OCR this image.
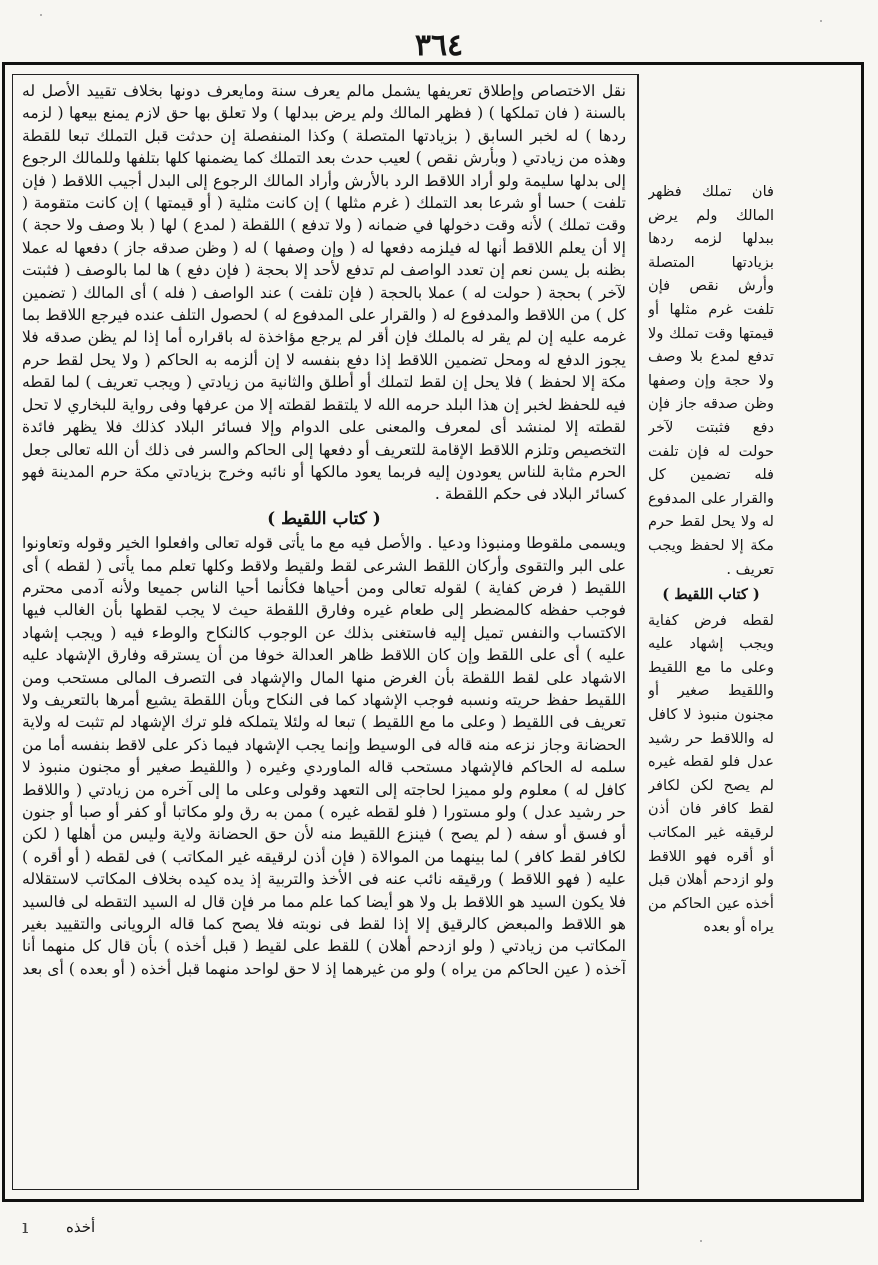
٣٦٤

نقل الاختصاص وإطلاق تعريفها يشمل مالم يعرف سنة ومايعرف دونها بخلاف تقييد الأصل له بالسنة ( فان تملكها ) ( فظهر المالك ولم يرض ببدلها ) ولا تعلق بها حق لازم يمنع بيعها ( لزمه ردها ) له لخبر السابق ( بزيادتها المتصلة ) وكذا المنفصلة إن حدثت قبل التملك تبعا للقطة وهذه من زيادتي ( وبأرش نقص ) لعيب حدث بعد التملك كما يضمنها كلها بتلفها وللمالك الرجوع إلى بدلها سليمة ولو أراد اللاقط الرد بالأرش وأراد المالك الرجوع إلى البدل أجيب اللاقط ( فإن تلفت ) حسا أو شرعا بعد التملك ( غرم مثلها ) إن كانت مثلية ( أو قيمتها ) إن كانت متقومة ( وقت تملك ) لأنه وقت دخولها في ضمانه ( ولا تدفع ) اللقطة ( لمدع ) لها ( بلا وصف ولا حجة ) إلا أن يعلم اللاقط أنها له فيلزمه دفعها له ( وإن وصفها ) له ( وظن صدقه جاز ) دفعها له عملا بظنه بل يسن نعم إن تعدد الواصف لم تدفع لأحد إلا بحجة ( فإن دفع ) ها لما بالوصف ( فثبتت لآخر ) بحجة ( حولت له ) عملا بالحجة ( فإن تلفت ) عند الواصف ( فله ) أى المالك ( تضمين كل ) من اللاقط والمدفوع له ( والقرار على المدفوع له ) لحصول التلف عنده فيرجع اللاقط بما غرمه عليه إن لم يقر له بالملك فإن أقر لم يرجع مؤاخذة له باقراره أما إذا لم يظن صدقه فلا يجوز الدفع له ومحل تضمين اللاقط إذا دفع بنفسه لا إن ألزمه به الحاكم ( ولا يحل لقط حرم مكة إلا لحفظ ) فلا يحل إن لقط لتملك أو أطلق والثانية من زيادتي ( ويجب تعريف ) لما لقطه فيه للحفظ لخبر إن هذا البلد حرمه الله لا يلتقط لقطته إلا من عرفها وفى رواية للبخاري لا تحل لقطته إلا لمنشد أى لمعرف والمعنى على الدوام وإلا فسائر البلاد كذلك فلا يظهر فائدة التخصيص وتلزم اللاقط الإقامة للتعريف أو دفعها إلى الحاكم والسر فى ذلك أن الله تعالى جعل الحرم مثابة للناس يعودون إليه فربما يعود مالكها أو نائبه وخرج بزيادتي مكة حرم المدينة فهو كسائر البلاد فى حكم اللقطة .

( كتاب اللقيط )

ويسمى ملقوطا ومنبوذا ودعيا . والأصل فيه مع ما يأتى قوله تعالى وافعلوا الخير وقوله وتعاونوا على البر والتقوى وأركان اللقط الشرعى لقط ولقيط ولاقط وكلها تعلم مما يأتى ( لقطه ) أى اللقيط ( فرض كفاية ) لقوله تعالى ومن أحياها فكأنما أحيا الناس جميعا ولأنه آدمى محترم فوجب حفظه كالمضطر إلى طعام غيره وفارق اللقطة حيث لا يجب لقطها بأن الغالب فيها الاكتساب والنفس تميل إليه فاستغنى بذلك عن الوجوب كالنكاح والوطء فيه ( ويجب إشهاد عليه ) أى على اللقط وإن كان اللاقط ظاهر العدالة خوفا من أن يسترقه وفارق الإشهاد عليه الاشهاد على لقط اللقطة بأن الغرض منها المال والإشهاد فى التصرف المالى مستحب ومن اللقيط حفظ حريته ونسبه فوجب الإشهاد كما فى النكاح وبأن اللقطة يشيع أمرها بالتعريف ولا تعريف فى اللقيط ( وعلى ما مع اللقيط ) تبعا له ولئلا يتملكه فلو ترك الإشهاد لم تثبت له ولاية الحضانة وجاز نزعه منه قاله فى الوسيط وإنما يجب الإشهاد فيما ذكر على لاقط بنفسه أما من سلمه له الحاكم فالإشهاد مستحب قاله الماوردي وغيره ( واللقيط صغير أو مجنون منبوذ لا كافل له ) معلوم ولو مميزا لحاجته إلى التعهد وقولى وعلى ما إلى آخره من زيادتي ( واللاقط حر رشيد عدل ) ولو مستورا ( فلو لقطه غيره ) ممن به رق ولو مكاتبا أو كفر أو صبا أو جنون أو فسق أو سفه ( لم يصح ) فينزع اللقيط منه لأن حق الحضانة ولاية وليس من أهلها ( لكن لكافر لقط كافر ) لما بينهما من الموالاة ( فإن أذن لرقيقه غير المكاتب ) فى لقطه ( أو أقره ) عليه ( فهو اللاقط ) ورقيقه نائب عنه فى الأخذ والتربية إذ يده كيده بخلاف المكاتب لاستقلاله فلا يكون السيد هو اللاقط بل ولا هو أيضا كما علم مما مر فإن قال له السيد التقطه لى فالسيد هو اللاقط والمبعض كالرقيق إلا إذا لقط فى نوبته فلا يصح كما قاله الرويانى والتقييد بغير المكاتب من زيادتي ( ولو ازدحم أهلان ) للقط على لقيط ( قبل أخذه ) بأن قال كل منهما أنا آخذه ( عين الحاكم من يراه ) ولو من غيرهما إذ لا حق لواحد منهما قبل أخذه ( أو بعده ) أى بعد

فان تملك فظهر المالك ولم يرض ببدلها لزمه ردها بزيادتها المتصلة وأرش نقص فإن تلفت غرم مثلها أو قيمتها وقت تملك ولا تدفع لمدع بلا وصف ولا حجة وإن وصفها وظن صدقه جاز فإن دفع فثبتت لآخر حولت له فإن تلفت فله تضمين كل والقرار على المدفوع له ولا يحل لقط حرم مكة إلا لحفظ ويجب تعريف .

( كتاب اللقيط )

لقطه فرض كفاية ويجب إشهاد عليه وعلى ما مع اللقيط واللقيط صغير أو مجنون منبوذ لا كافل له واللاقط حر رشيد عدل فلو لقطه غيره لم يصح لكن لكافر لقط كافر فان أذن لرقيقه غير المكاتب أو أقره فهو اللاقط ولو ازدحم أهلان قبل أخذه عين الحاكم من يراه أو بعده

ı	أخذه
